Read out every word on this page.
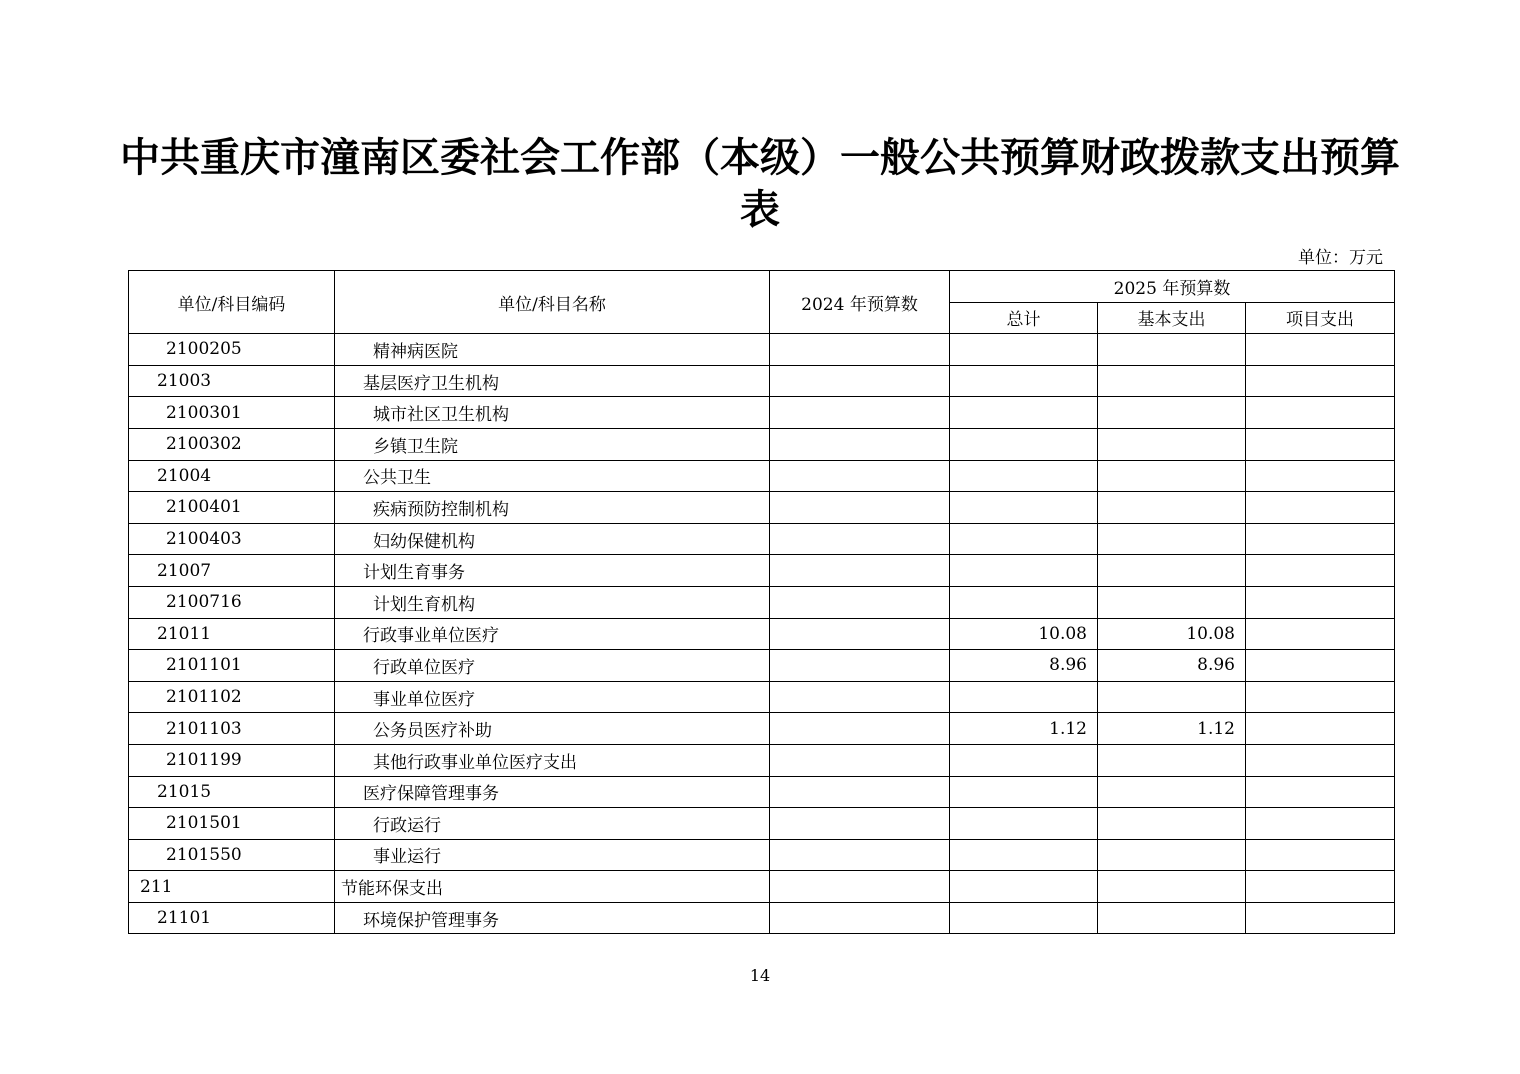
中共重庆市潼南区委社会工作部（本级）一般公共预算财政拨款支出预算表
单位：万元
单位/科目编码	单位/科目名称	2024 年预算数	2025 年预算数		
			总计	基本支出	项目支出
2100205	精神病医院				
21003	基层医疗卫生机构				
2100301	城市社区卫生机构				
2100302	乡镇卫生院				
21004	公共卫生				
2100401	疾病预防控制机构				
2100403	妇幼保健机构				
21007	计划生育事务				
2100716	计划生育机构				
21011	行政事业单位医疗		10.08	10.08	
2101101	行政单位医疗		8.96	8.96	
2101102	事业单位医疗				
2101103	公务员医疗补助		1.12	1.12	
2101199	其他行政事业单位医疗支出				
21015	医疗保障管理事务				
2101501	行政运行				
2101550	事业运行				
211	节能环保支出				
21101	环境保护管理事务				
14
